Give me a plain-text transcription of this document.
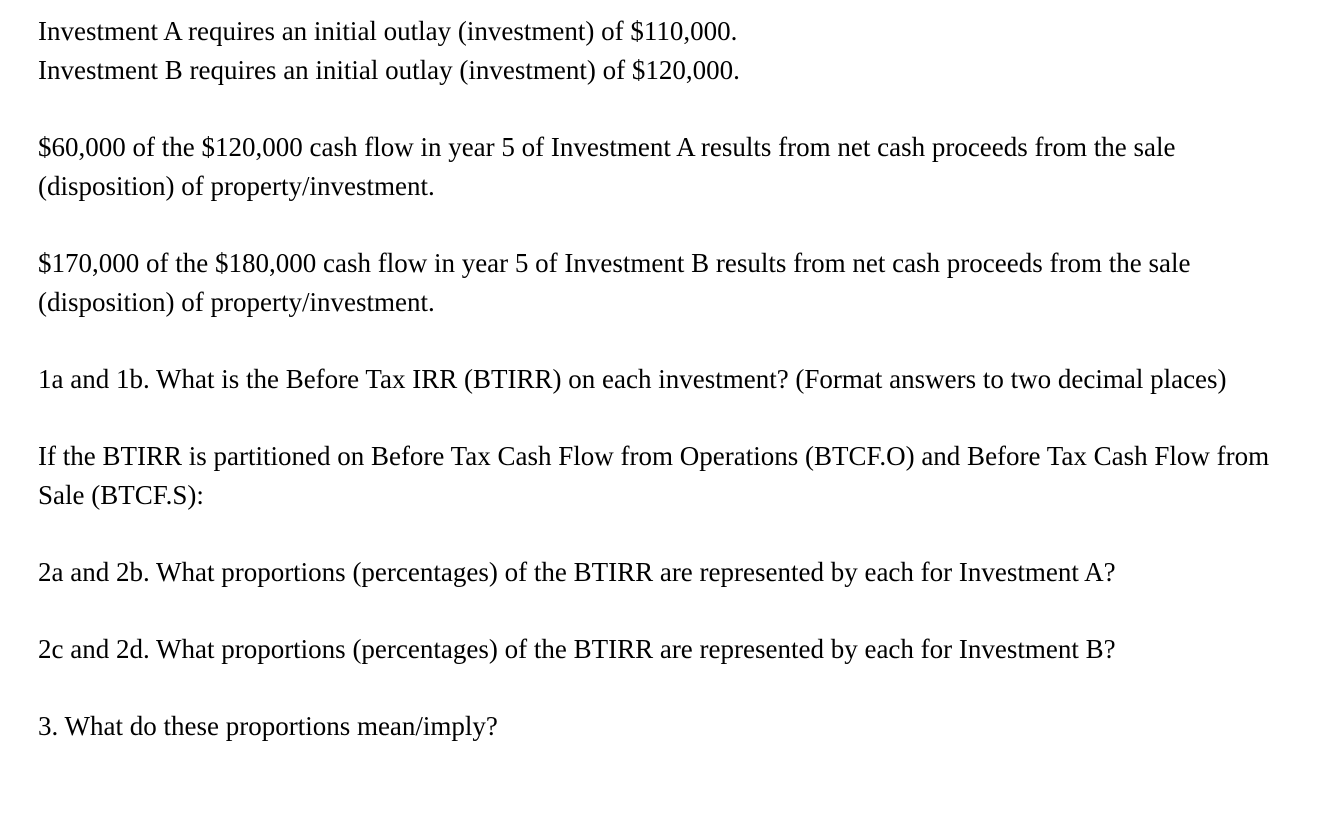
Investment A requires an initial outlay (investment) of $110,000.

Investment B requires an initial outlay (investment) of $120,000.

$60,000 of the $120,000 cash flow in year 5 of Investment A results from net cash proceeds from the sale (disposition) of property/investment.

$170,000 of the $180,000 cash flow in year 5 of Investment B results from net cash proceeds from the sale (disposition) of property/investment.

1a and 1b. What is the Before Tax IRR (BTIRR) on each investment? (Format answers to two decimal places)

If the BTIRR is partitioned on Before Tax Cash Flow from Operations (BTCF.O) and Before Tax Cash Flow from Sale (BTCF.S):

2a and 2b. What proportions (percentages) of the BTIRR are represented by each for Investment A?

2c and 2d. What proportions (percentages) of the BTIRR are represented by each for Investment B?

3. What do these proportions mean/imply?
